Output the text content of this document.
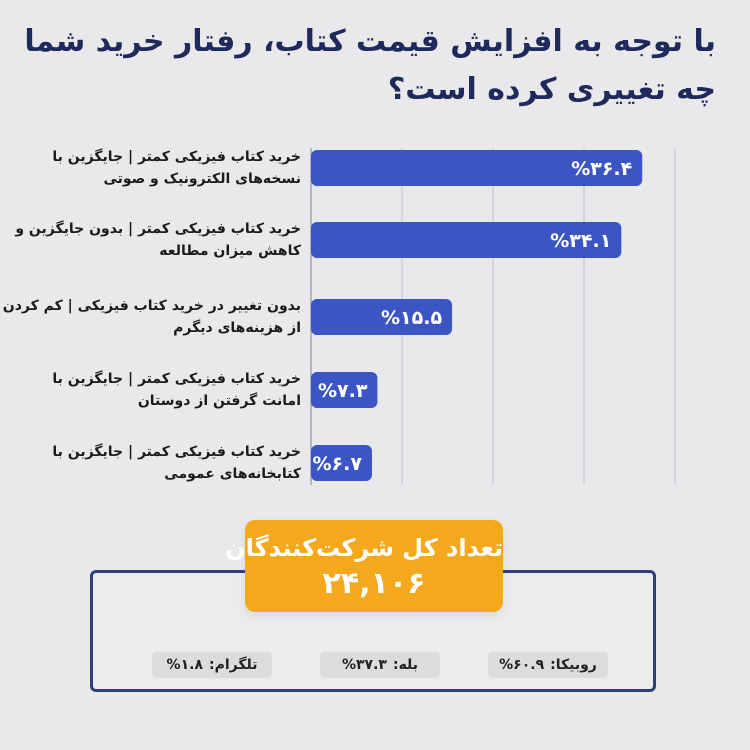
با توجه به افزایش قیمت کتاب، رفتار خرید شما
چه تغییری کرده است؟
%۳۶.۴
%۳۴.۱
%۱۵.۵
%۷.۳
%۶.۷
خرید کتاب فیزیکی کمتر | جایگزین با
نسخه‌های الکترونیک و صوتی
خرید کتاب فیزیکی کمتر | بدون جایگزین و
کاهش میزان مطالعه
بدون تغییر در خرید کتاب فیزیکی | کم کردن
از هزینه‌های دیگرم
خرید کتاب فیزیکی کمتر | جایگزین با
امانت گرفتن از دوستان
خرید کتاب فیزیکی کمتر | جایگزین با
کتابخانه‌های عمومی
تعداد کل شرکت‌کنندگان
۲۴,۱۰۶
روبیکا:
%۶۰.۹
بله:
%۳۷.۳
تلگرام:
%۱.۸
